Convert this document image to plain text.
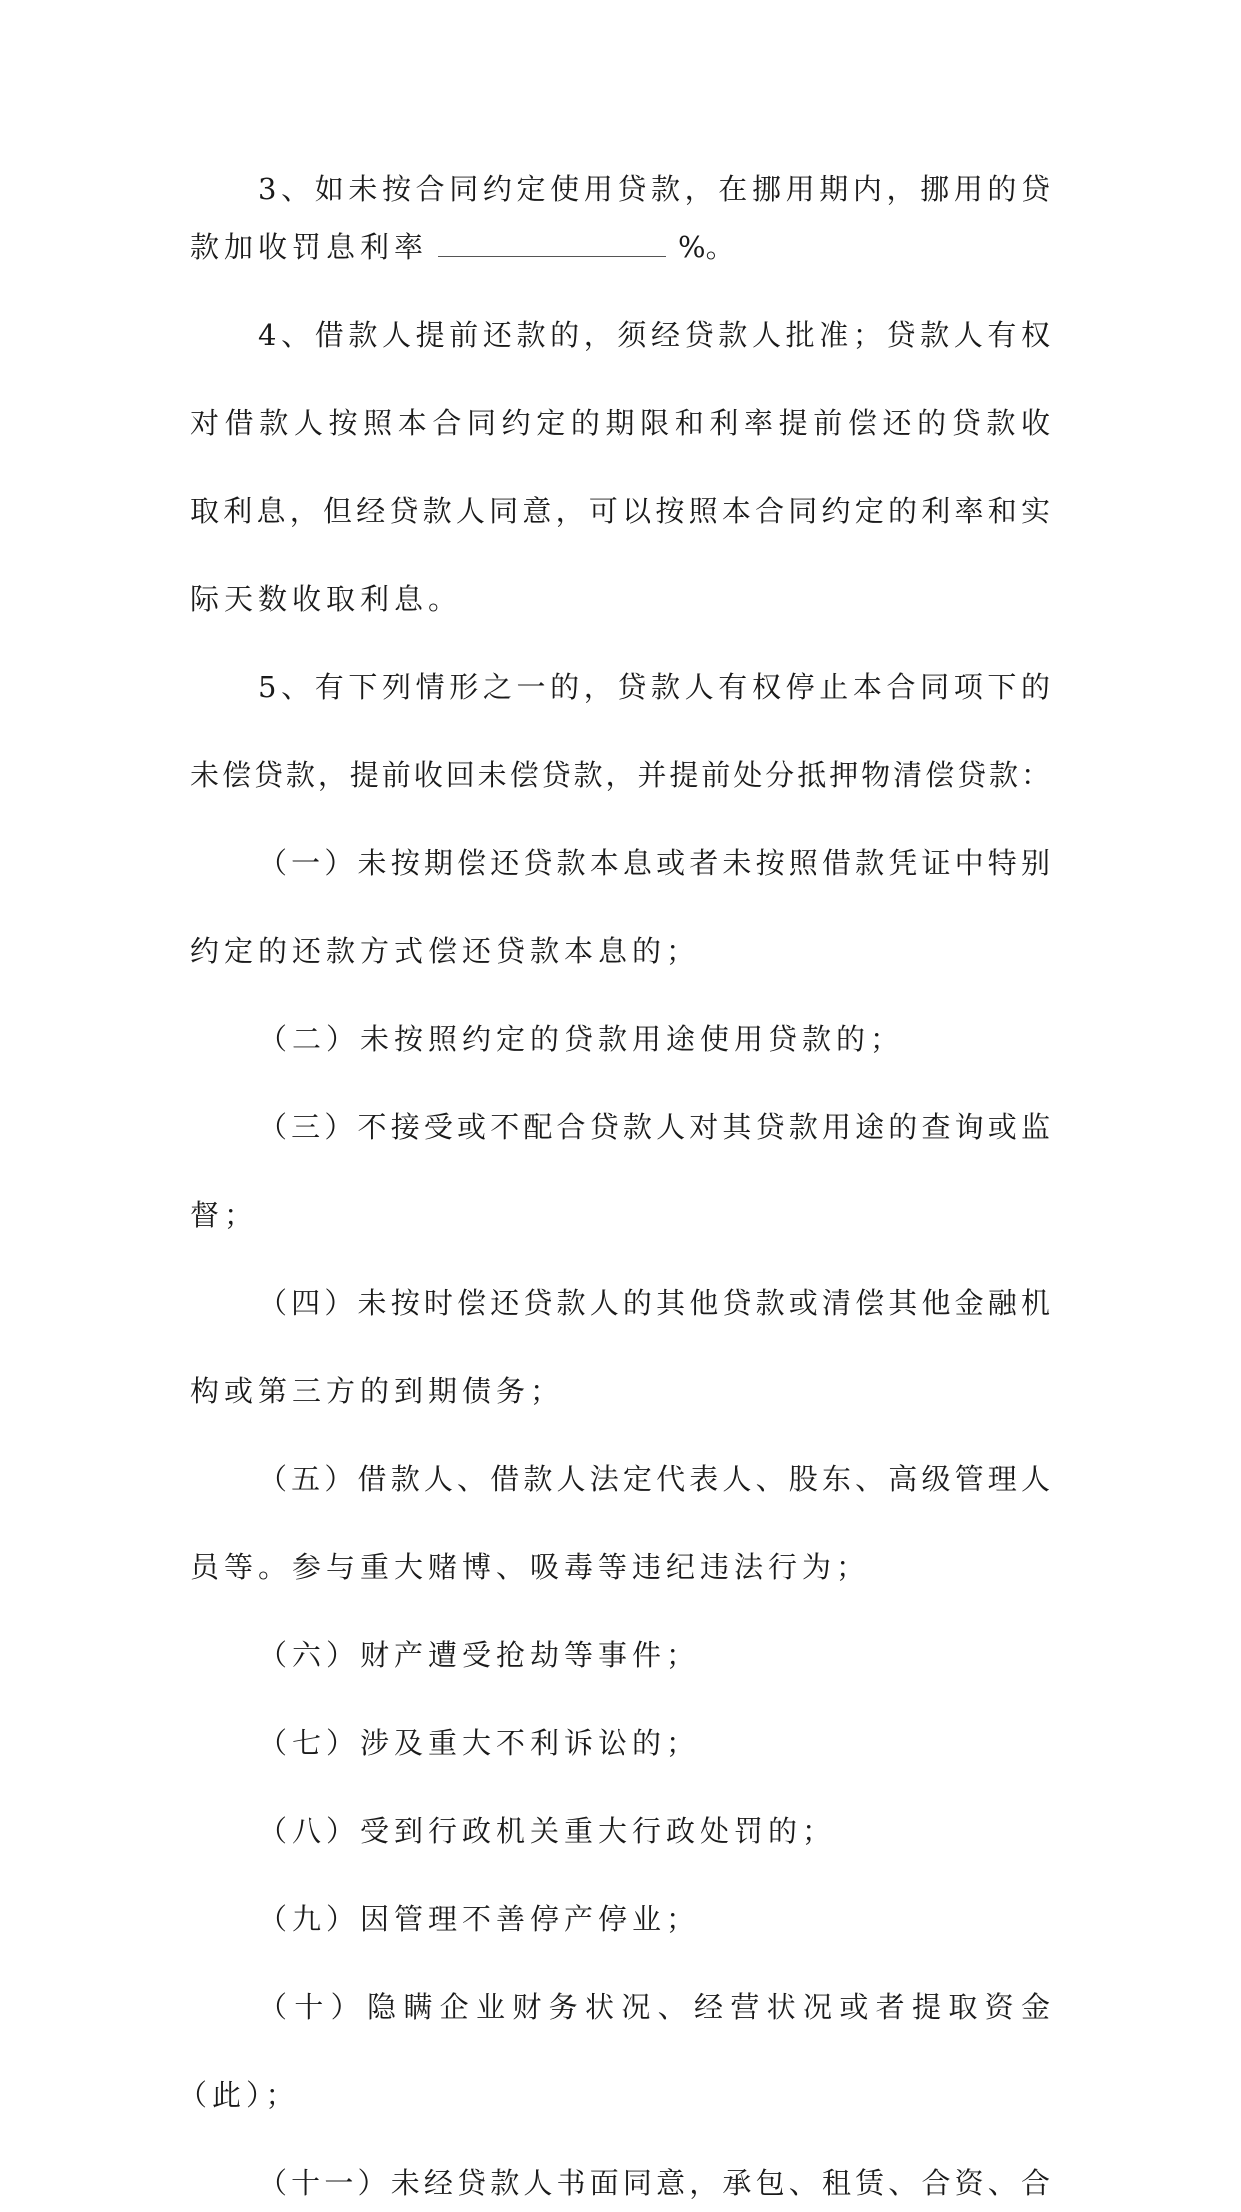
3、如未按合同约定使用贷款，在挪用期内，挪用的贷
款加收罚息利率	%。
4、借款人提前还款的，须经贷款人批准；贷款人有权
对借款人按照本合同约定的期限和利率提前偿还的贷款收
取利息，但经贷款人同意，可以按照本合同约定的利率和实
际天数收取利息。
5、有下列情形之一的，贷款人有权停止本合同项下的
未偿贷款，提前收回未偿贷款，并提前处分抵押物清偿贷款：
（一）未按期偿还贷款本息或者未按照借款凭证中特别
约定的还款方式偿还贷款本息的；
（二）未按照约定的贷款用途使用贷款的；
（三）不接受或不配合贷款人对其贷款用途的查询或监
督；
（四）未按时偿还贷款人的其他贷款或清偿其他金融机
构或第三方的到期债务；
（五）借款人、借款人法定代表人、股东、高级管理人
员等。参与重大赌博、吸毒等违纪违法行为；
（六）财产遭受抢劫等事件；
（七）涉及重大不利诉讼的；
（八）受到行政机关重大行政处罚的；
（九）因管理不善停产停业；
（十）隐瞒企业财务状况、经营状况或者提取资金
（此）；
（十一）未经贷款人书面同意，承包、租赁、合资、合
